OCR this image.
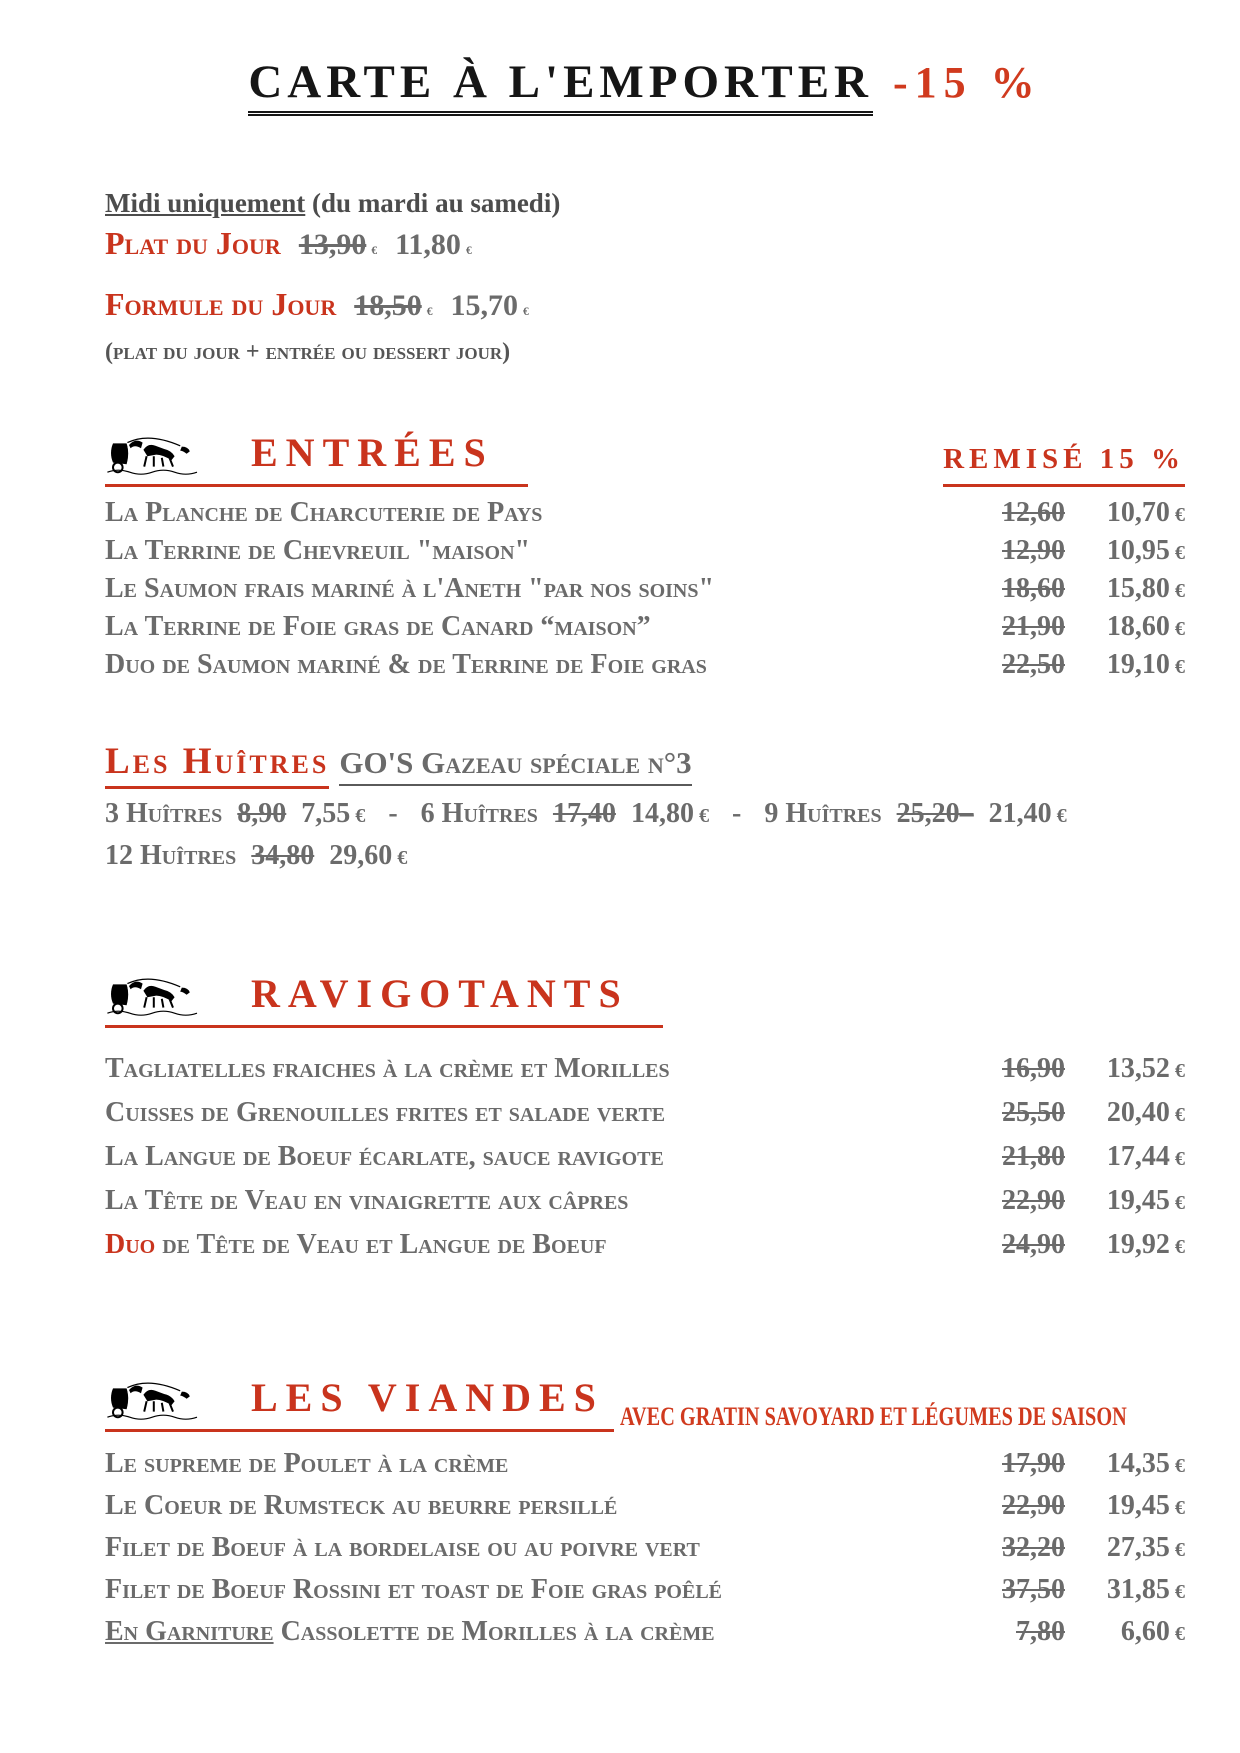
CARTE À L'EMPORTER -15 %
Midi uniquement (du mardi au samedi)
Plat du Jour 13,90 € 11,80 €
Formule du Jour 18,50 € 15,70 €
(plat du jour + entrée ou dessert jour)
ENTRÉES	REMISÉ 15 %
La Planche de Charcuterie de Pays	12,60	10,70 €
La Terrine de Chevreuil "maison"	12,90	10,95 €
Le Saumon frais mariné à l'Aneth "par nos soins"	18,60	15,80 €
La Terrine de Foie gras de Canard “maison”	21,90	18,60 €
Duo de Saumon mariné & de Terrine de Foie gras	22,50	19,10 €
Les Huîtres GO'S Gazeau spéciale n°3
3 Huîtres 8,90 7,55 € - 6 Huîtres 17,40 14,80 € - 9 Huîtres 25,20– 21,40 €
12 Huîtres 34,80 29,60 €
RAVIGOTANTS
Tagliatelles fraiches à la crème et Morilles	16,90	13,52 €
Cuisses de Grenouilles frites et salade verte	25,50	20,40 €
La Langue de Boeuf écarlate, sauce ravigote	21,80	17,44 €
La Tête de Veau en vinaigrette aux câpres	22,90	19,45 €
Duo de Tête de Veau et Langue de Boeuf	24,90	19,92 €
LES VIANDES AVEC GRATIN SAVOYARD ET LÉGUMES DE SAISON
Le supreme de Poulet à la crème	17,90	14,35 €
Le Coeur de Rumsteck au beurre persillé	22,90	19,45 €
Filet de Boeuf à la bordelaise ou au poivre vert	32,20	27,35 €
Filet de Boeuf Rossini et toast de Foie gras poêlé	37,50	31,85 €
En Garniture Cassolette de Morilles à la crème	7,80	6,60 €
